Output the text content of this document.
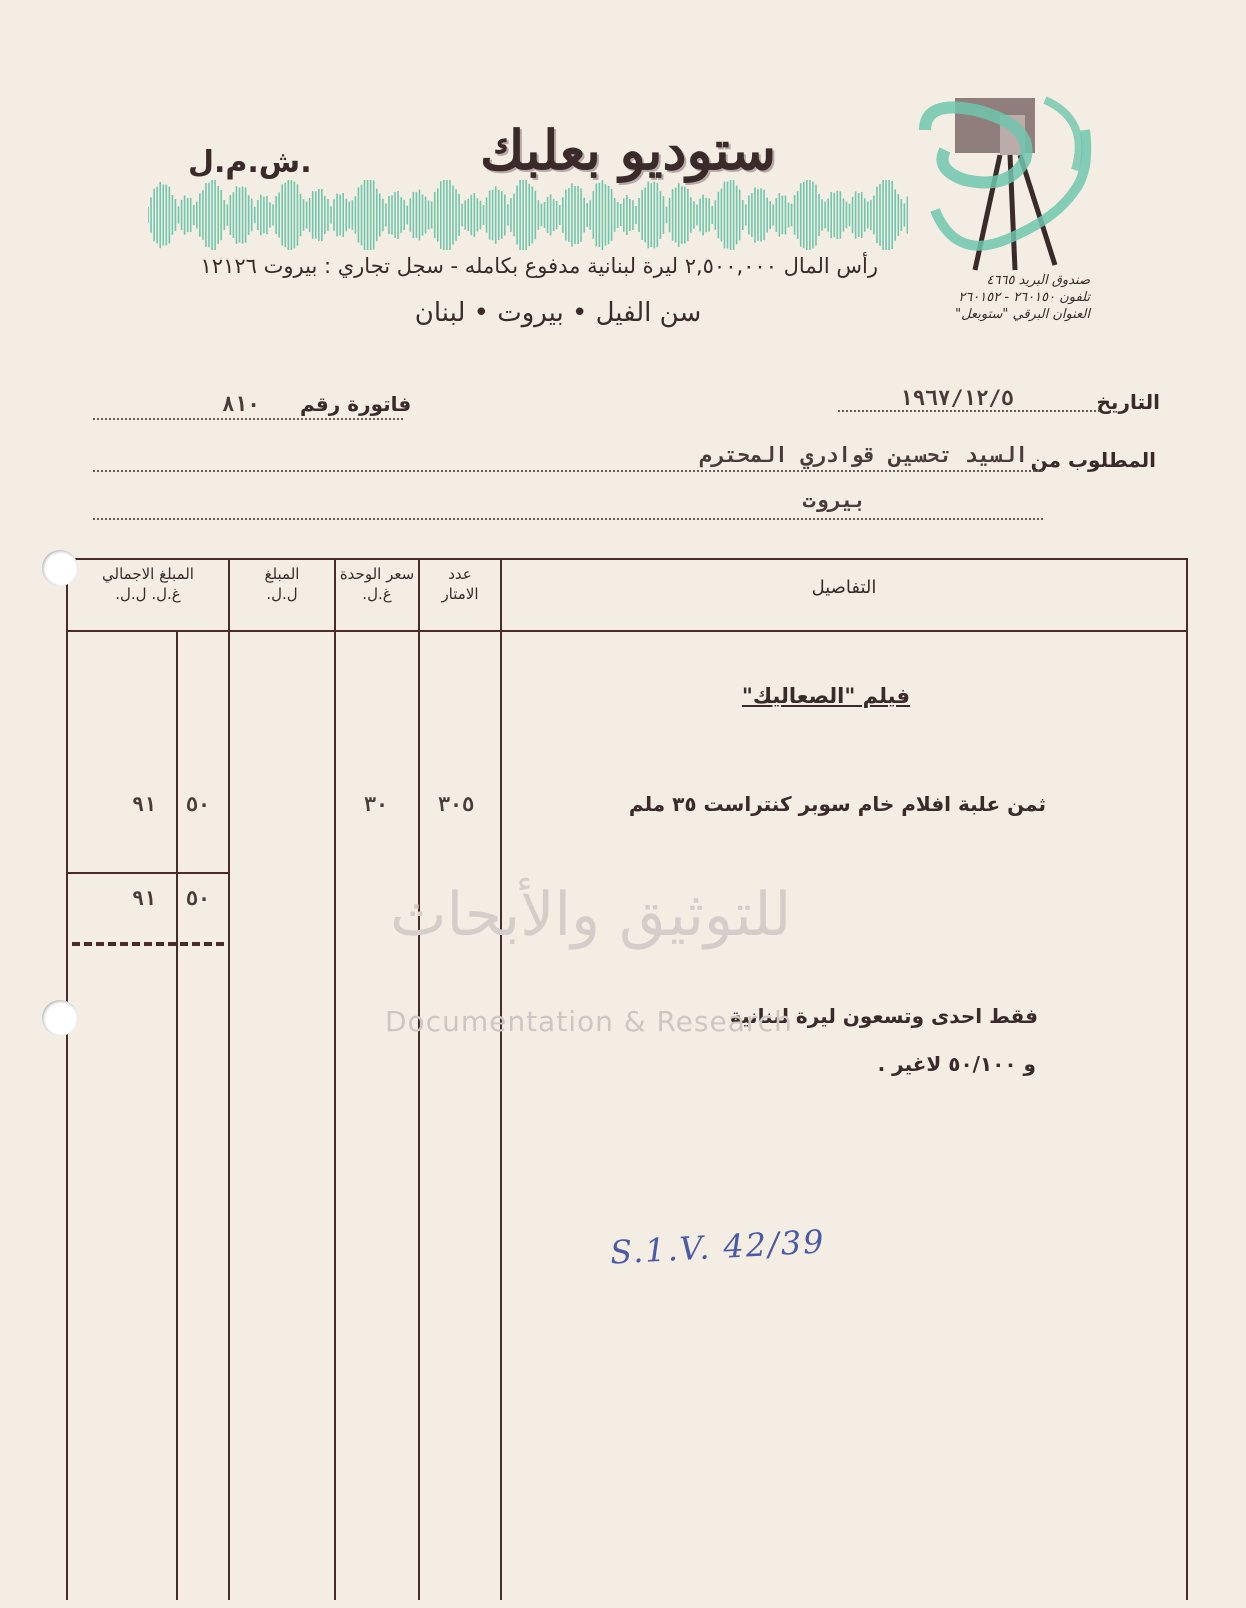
ستوديو بعلبك
ش.م.ل.
رأس المال ٢,٥٠٠,٠٠٠ ليرة لبنانية مدفوع بكامله - سجل تجاري : بيروت ١٢١٢٦
سن الفيل • بيروت • لبنان
صندوق البريد ٤٦٦٥
تلفون ٢٦٠١٥٠ - ٢٦٠١٥٢
العنوان البرقي "ستوبعل"
التاريخ
١٩٦٧/١٢/٥
فاتورة رقم
٨١٠
المطلوب من
السيد تحسين قوادري المحترم
بيروت
المبلغ الاجمالي
غ.ل. ل.ل.
المبلغ
ل.ل.
سعر الوحدة
غ.ل.
عدد
الامتار	التفاصيل
فيلم "الصعاليك"
ثمن علبة افلام خام سوبر كنتراست ٣٥ ملم
٣٠٥
٣٠
٥٠
٩١
٥٠
٩١
فقط احدى وتسعون ليرة لبنانية
و ٥٠/١٠٠ لاغير .
للتوثيق والأبحاث
Documentation & Research
S.1.V. 42/39
